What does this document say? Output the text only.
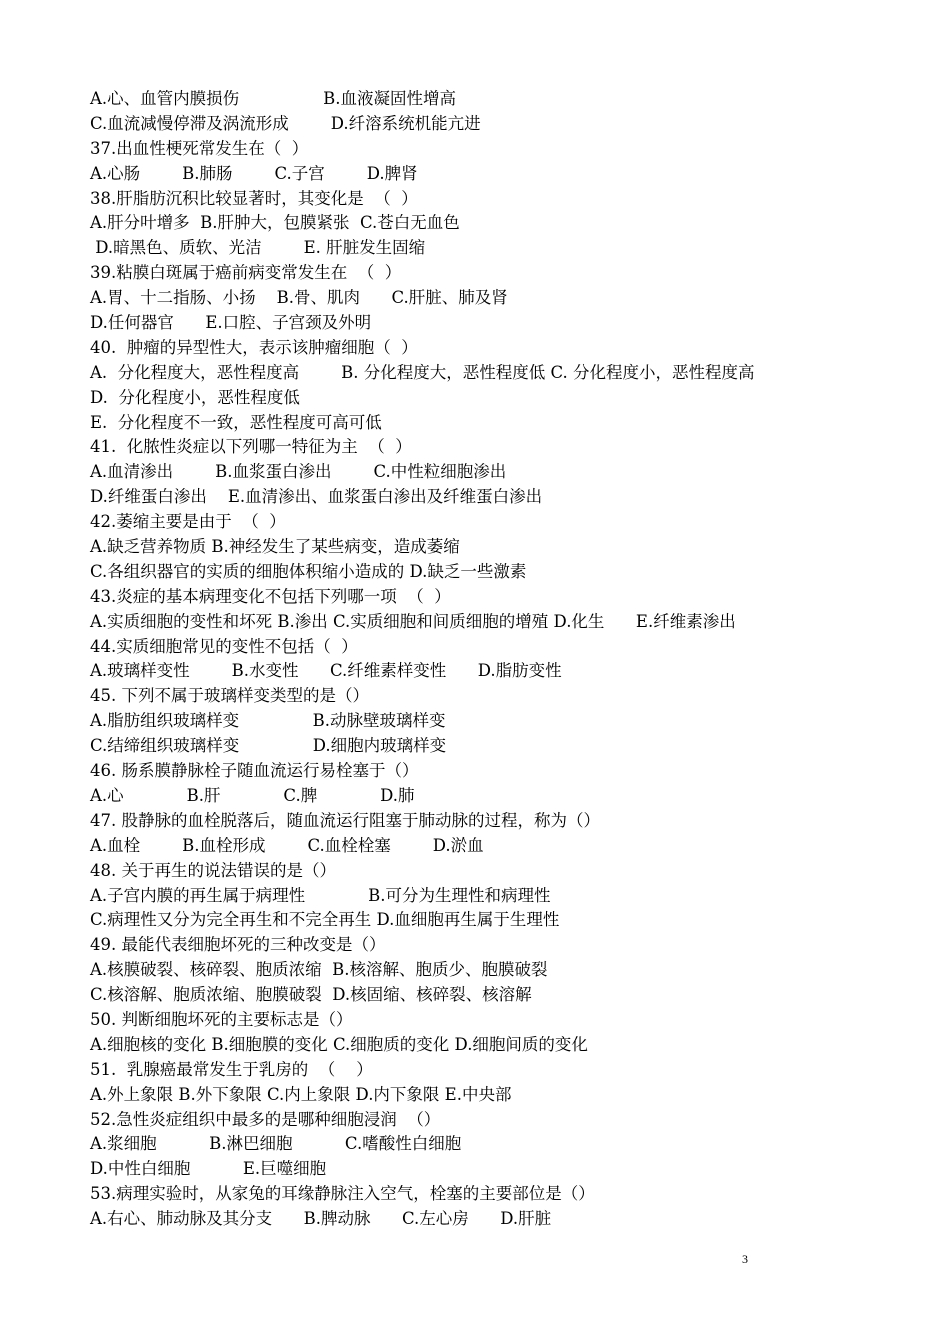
A.心、血管内膜损伤                B.血液凝固性增高
C.血流减慢停滞及涡流形成        D.纤溶系统机能亢进
37.出血性梗死常发生在（  ）
A.心肠        B.肺肠        C.子宫        D.脾肾
38.肝脂肪沉积比较显著时，其变化是  （  ）
A.肝分叶增多  B.肝肿大，包膜紧张  C.苍白无血色
D.暗黑色、质软、光洁        E. 肝脏发生固缩
39.粘膜白斑属于癌前病变常发生在  （  ）
A.胃、十二指肠、小扬    B.骨、肌肉      C.肝脏、肺及肾
D.任何器官      E.口腔、子宫颈及外明
40.  肿瘤的异型性大，表示该肿瘤细胞（  ）
A.  分化程度大，恶性程度高        B. 分化程度大，恶性程度低 C. 分化程度小，恶性程度高
D.  分化程度小，恶性程度低
E.  分化程度不一致，恶性程度可高可低
41.  化脓性炎症以下列哪一特征为主  （  ）
A.血清渗出        B.血浆蛋白渗出        C.中性粒细胞渗出
D.纤维蛋白渗出    E.血清渗出、血浆蛋白渗出及纤维蛋白渗出
42.萎缩主要是由于  （  ）
A.缺乏营养物质 B.神经发生了某些病变，造成萎缩
C.各组织器官的实质的细胞体积缩小造成的 D.缺乏一些激素
43.炎症的基本病理变化不包括下列哪一项  （  ）
A.实质细胞的变性和坏死 B.渗出 C.实质细胞和间质细胞的增殖 D.化生      E.纤维素渗出
44.实质细胞常见的变性不包括（  ）
A.玻璃样变性        B.水变性      C.纤维素样变性      D.脂肪变性
45. 下列不属于玻璃样变类型的是（）
A.脂肪组织玻璃样变              B.动脉壁玻璃样变
C.结缔组织玻璃样变              D.细胞内玻璃样变
46. 肠系膜静脉栓子随血流运行易栓塞于（）
A.心            B.肝            C.脾            D.肺
47. 股静脉的血栓脱落后，随血流运行阻塞于肺动脉的过程，称为（）
A.血栓        B.血栓形成        C.血栓栓塞        D.淤血
48. 关于再生的说法错误的是（）
A.子宫内膜的再生属于病理性            B.可分为生理性和病理性
C.病理性又分为完全再生和不完全再生 D.血细胞再生属于生理性
49. 最能代表细胞坏死的三种改变是（）
A.核膜破裂、核碎裂、胞质浓缩  B.核溶解、胞质少、胞膜破裂
C.核溶解、胞质浓缩、胞膜破裂  D.核固缩、核碎裂、核溶解
50. 判断细胞坏死的主要标志是（）
A.细胞核的变化 B.细胞膜的变化 C.细胞质的变化 D.细胞间质的变化
51.  乳腺癌最常发生于乳房的  （    ）
A.外上象限 B.外下象限 C.内上象限 D.内下象限 E.中央部
52.急性炎症组织中最多的是哪种细胞浸润  （）
A.浆细胞          B.淋巴细胞          C.嗜酸性白细胞
D.中性白细胞          E.巨噬细胞
53.病理实验时，从家兔的耳缘静脉注入空气，栓塞的主要部位是（）
A.右心、肺动脉及其分支      B.脾动脉      C.左心房      D.肝脏
3
